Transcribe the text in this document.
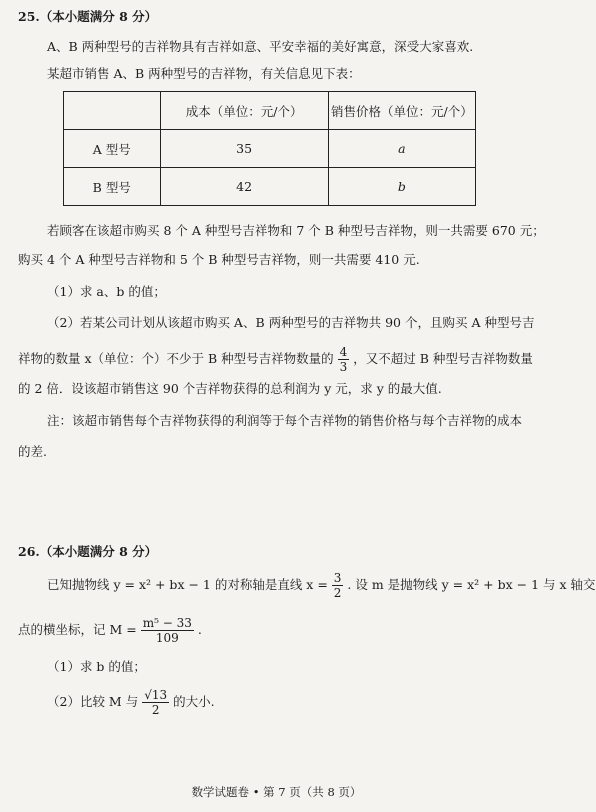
25.（本小题满分 8 分）
A、B 两种型号的吉祥物具有吉祥如意、平安幸福的美好寓意，深受大家喜欢.
某超市销售 A、B 两种型号的吉祥物，有关信息见下表：
	成本（单位：元/个）	销售价格（单位：元/个）
A 型号	35	a
B 型号	42	b
若顾客在该超市购买 8 个 A 种型号吉祥物和 7 个 B 种型号吉祥物，则一共需要 670 元；
购买 4 个 A 种型号吉祥物和 5 个 B 种型号吉祥物，则一共需要 410 元.
（1）求 a、b 的值；
（2）若某公司计划从该超市购买 A、B 两种型号的吉祥物共 90 个，且购买 A 种型号吉
祥物的数量 x（单位：个）不少于 B 种型号吉祥物数量的 $\frac{4}{3}$ ，又不超过 B 种型号吉祥物数量
的 2 倍．设该超市销售这 90 个吉祥物获得的总利润为 y 元，求 y 的最大值.
注：该超市销售每个吉祥物获得的利润等于每个吉祥物的销售价格与每个吉祥物的成本
的差.
26.（本小题满分 8 分）
已知抛物线 y = x² + bx − 1 的对称轴是直线 $x = \frac{3}{2}$ . 设 m 是抛物线 y = x² + bx − 1 与 x 轴交
点的横坐标，记 $M = \frac{\text{m⁵ − 33}}{109}$ .
（1）求 b 的值；
（2）比较 M 与 $\frac{√13}{2}$ 的大小.
数学试题卷 • 第 7 页（共 8 页）
